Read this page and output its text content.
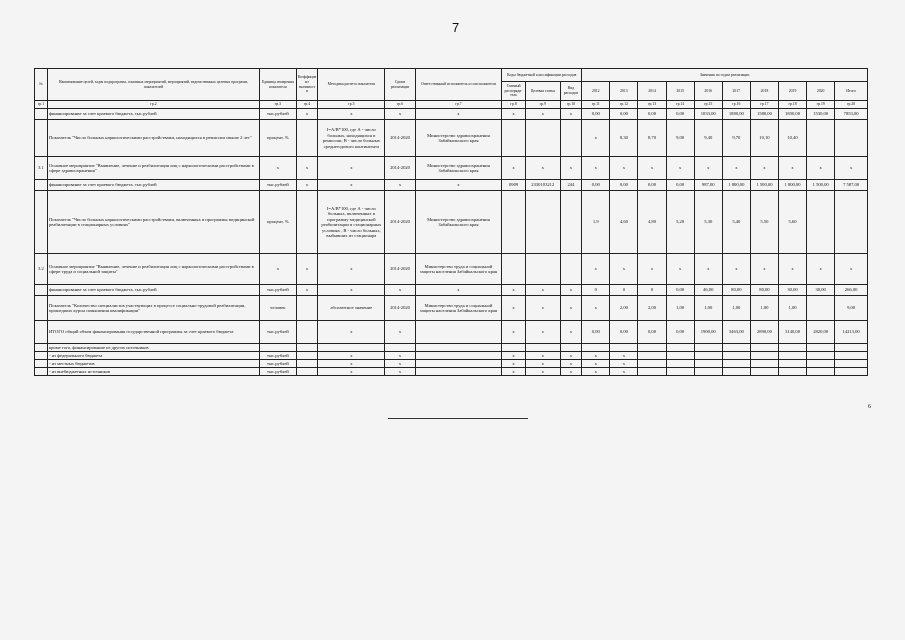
7
№	Наименование целей, задач подпрограмм, основных мероприятий, мероприятий, ведомственных целевых программ, показателей	Единица измерения показателя	Коэффициент значимости	Методика расчета показателя	Сроки реализации	Ответственный исполнитель и соисполнители	Коды бюджетной классификации расходов			Значения по годам реализации									
							Главный распоряди-тель	Целевая статья	Вид расходов	2012	2013	2014	2015	2016	2017	2018	2019	2020	Итого
гр.1	гр.2	гр.3	гр.4	гр.5	гр.6	гр.7	гр.8	гр.9	гр.10	гр.11	гр.12	гр.13	гр.14	гр.15	гр.16	гр.17	гр.18	гр.19	гр.20
	финансирование за счет краевого бюджета, тыс.рублей	тыс.рублей	х	х	х	х	х	х	х	0,00	0,00	0,00	0,00	1033,00	1880,00	1580,00	1830,00	1530,00	7853,00
	Показатель "Число больных наркологическими расстройствами, находящихся в ремиссии свыше 2 лет"	процент, %		I=A/B*100, где А - число больных, находящихся в ремиссии, В - число больных среднегодового контингента	2014-2020	Министерство здравоохранения Забайкальского края				х	8,30	8,70	9,00	9,40	9,70	10,10	10,40		
3.1	Основное мероприятие "Выявление, лечение и реабилитация лиц с наркологическими расстройствами в сфере здравоохранения"	х	х	х	2014-2020	Министерство здравоохранения Забайкальского края	х	х	х	х	х	х	х	х	х	х	х	х	х
	финансирование за счет краевого бюджета, тыс.рублей	тыс.рублей	х	х	х	х	0909	2330103212	244	0,00	0,00	0,00	0,00	987,00	1 800,00	1 500,00	1 800,00	1 500,00	7 587,00
	Показатель "Число больных наркологическими расстройствами, включенных в программы медицинской реабилитации в стационарных условиях"	процент, %		I=A/B*100, где А - число больных, включенных в программу медицинской реабилитации в стационарных условиях , В - число больных, выбывших из стационара	2014-2020	Министерство здравоохранения Забайкальского края				1,9	4,60	4,80	5,20	5,30	5,40	5,50	5,60		
3.2	Основное мероприятие "Выявление, лечение и реабилитация лиц с наркологическими расстройствами в сфере труда и социальной защиты"	х	х	х	2014-2020	Министерство труда и социальной защиты населения Забайкальского края				х	х	х	х	х	х	х	х	х	х
	финансирование за счет краевого бюджета, тыс.рублей	тыс.рублей	х	х	х	х	х	х	х	0	0	0	0,00	46,00	80,00	80,00	30,00	30,00	266,00
	Показатель "Количество специалистов участвующих в процессе социально-трудовой реабилитации, прошедших курсы повышения квалификации"	человек		абсолютное значение	2014-2020	Министерство труда и социальной защиты населения Забайкальского края	х	х	х	х	2,00	2,00	1,00	1,00	1,00	1,00	1,00		9,00
	ИТОГО общий объем финансирования государственной программы за счет краевого бюджета	тыс.рублей		х	х		х	х	х	0,00	0,00	0,00	0,00	1900,00	3463,00	2890,00	3140,00	2820,00	14213,00
	кроме того, финансирование из других источников																		
	- из федерального бюджета	тыс.рублей		х	х		х	х	х	х	х								
	- из местных бюджетов	тыс.рублей		х	х		х	х	х	х	х								
	- из внебюджетных источников	тыс.рублей		х	х		х	х	х	х	х								
6
